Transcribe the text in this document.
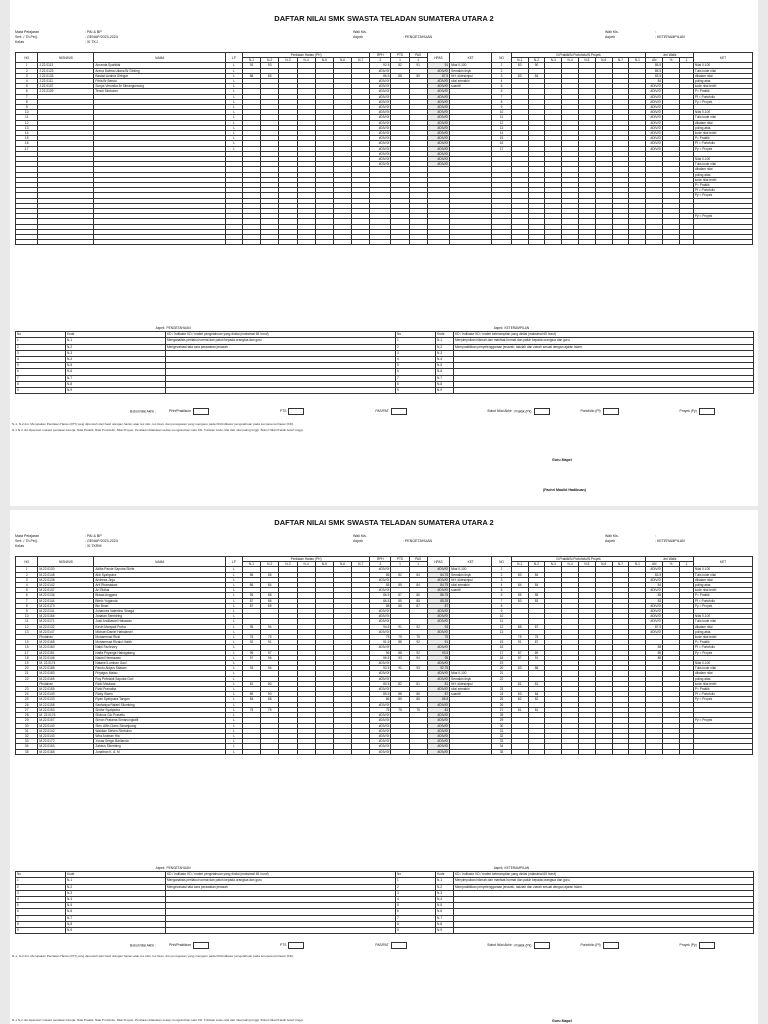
DAFTAR NILAI SMK SWASTA TELADAN SUMATERA UTARA 2
Mata Pelajaran	: PAI & BP
Smt. / Th.Pelj.	: GENAP/2023-2024
Kelas	: XI TKJ
Wali Kls.
Aspek	: PENGETAHUAN
Wali Kls.	:
Aspek	: KETERAMPILAN
NO	NISN/NIS	NAMA	LP	Penilaian Harian (PH)							RPH	PTS	PAS	HPAS	KET	NO	N.Praktik/N.Portofolio/N.Proyek								Jml Walls			KET
				N-1	N-2	N-3	N-4	N-5	N-6	N-7	2	1	1				N-1	N-2	N-3	N-4	N-5	N-6	N-7	N-1	AN	%	1	
1	J.22.0113	Amanda Syahitial	L	92	93						92.5	82	91	91	Nilai 0-100	1	83	90							85.5			Nilai 0-100
2	J.22.0123	Arena Dwima Uliana Br Ginting	L								#DIV/0!			#DIV/0!	Semakin tinyk	2									85.5			Tulis kode nilai
3	J.22.0133	Bastari Azahra Siringar	L	88	85						86.5	88	89	87.5	NH, dideskripsi	3	83	84							83.5			dikalam nilai
4	J.22.0111	Fitria Br Berutu	L								#DIV/0!			#DIV/0!	nilai semakin	4									84			poling atas.
5	J.22.0107	Sonya Veronika Br Simangunsong	L								#DIV/0!			#DIV/0!	suantif	5									#DIV/0!			kode nilai tertiri
6	J.22.0109	Tenoli Simbolon	L								#DIV/0!			#DIV/0!		6									#DIV/0!			P= Praktik
7			L								#DIV/0!			#DIV/0!		7									#DIV/0!			Pf = Portofolio
8			L								#DIV/0!			#DIV/0!		8									#DIV/0!			Py = Proyek
9			L								#DIV/0!			#DIV/0!		9									#DIV/0!			
10			L								#DIV/0!			#DIV/0!		10									#DIV/0!			Nilai 0-100
11			L								#DIV/0!			#DIV/0!		11									#DIV/0!			Tulis kode nilai
12			L								#DIV/0!			#DIV/0!		12									#DIV/0!			dikalam nilai
13			L								#DIV/0!			#DIV/0!		13									#DIV/0!			poling atas.
14			L								#DIV/0!			#DIV/0!		14									#DIV/0!			kode nilai tertiri
15			L								#DIV/0!			#DIV/0!		15									#DIV/0!			P= Praktik
16			L								#DIV/0!			#DIV/0!		16									#DIV/0!			Pf = Portofolio
17			L								#DIV/0!			#DIV/0!		17									#DIV/0!			Py = Proyek
											#DIV/0!			#DIV/0!														
											#DIV/0!			#DIV/0!														Nilai 0-100
											#DIV/0!			#DIV/0!														Tulis kode nilai
																												dikalam nilai
																												poling atas.
																												kode nilai tertiri
																												P= Praktik
																												Pf = Portofolio
																												Py = Proyek

																												Py = Proyek

Aspek		PENGETAHUAN		Aspek		KETERAMPILAN
No	Kode	KD / Indikator KD / materi pengetahuan yang dinilai (maksimal 65 huruf)	No	Kode	KD / Indikator KD / materi keterampilan yang dinilai (maksimal 65 huruf)	
1	N-1	Menganalisis perilaku hormat dan patuh kepada orangtua dan guru	1	N-1	Menyimpulkan hikmah dan manfaat hormat dan patuh kepada orangtua dan guru.	
2	N-2	Mengevaluasi tata cara perawatan jenazah	2	N-2	Mempraktikkan penyelenggaraan jenazah, takziah dan ziarah sesuai dengan ajaran Islam.	
3	N-3		3	N-3		
4	N-4		4	N-4		
5	N-5		5	N-5		
6	N-6		6	N-6		
7	N-7		7	N-7		
8	N-8		8	N-8		
9	N-9		9	N-9		
Bobot Nilai Akhir :	PHrt/Praktikum	PTS	PAS/PAT	Bobot Nilai Akhir : Praktik (Pk)	Portofolio (Pf)	Proyek (Py)
N-1, N-2 dst. Merupakan Penilaian Harian (PH) yang diperoleh dari hasil ulangan harian atau tes tulis, tes lisan, dan penugasan yang mengacu pada KD/indikator pengetahuan pada kompetensi Dasar (KD).
N-1 N-2 dst diperoleh melalui penilaian kinerja. Nilai Praktik, Nilai Portofolio, Nilai Proyek. Penilaian dilakukan setiap mengukurkan satu KD. Tuliskan kode nilai dari nilai paling tinggi. Bobot Nilai Praktik boleh tinggi.
Guru Mapel
(Fachri Maulid Hadibuan)
DAFTAR NILAI SMK SWASTA TELADAN SUMATERA UTARA 2
Mata Pelajaran	: PAI & BP
Smt. / Th.Pelj.	: GENAP/2023-2024
Kelas	: XI TKRM
Wali Kls.
Aspek	: PENGETAHUAN
Wali Kls.	:
Aspek	: KETERAMPILAN
NO	NISN/NIS	NAMA	LP	Penilaian Harian (PH)							RPH	PTS	PAS	HPAS	KET	NO	N.Praktik/N.Portofolio/N.Proyek								Jml Walls			KET
				N-1	N-2	N-3	N-4	N-5	N-6	N-7	2	1	1				N-1	N-2	N-3	N-4	N-5	N-6	N-7	N-1	AN	%	1	
1	M.22.0130	Aditia Pande Saputra Sihite	L								#DIV/0!			#DIV/0!	Nilai 0-100	1									#DIV/0!			Nilai 0-100
2	M.22.0148	Aldi Syahputra	L	86	86						86	82	84	84.75	Semakin tinyk	2	83	84							83.5			Tulis kode nilai
3	M.22.0138	Andreas Jirgo	L								#DIV/0!			#DIV/0!	NH, dideskripsi	3									#DIV/0!			dikalam nilai
4	M.22.0142	Arif Rhamadani	L	86	84						85	85	84	84.75	nilai semakin	4	84	84							84			poling atas.
5	M.22.0137	Ari Ridhai	L								#DIV/0!			#DIV/0!	suantif	5									#DIV/0!			kode nilai tertiri
6	M.22.0136	Bidaal Anggara	L	95	88						86.5	87	86	86.75		6	85	85							85			P= Praktik
7	M.22.0144	Bitelo Yugianda	L	87	86						86.5	85	85	85.25		7	83	83							83			Pf = Portofolio
8	M.22.0173	Bin Bnari	L	87	89						88	85	87	87		8									#DIV/0!			Py = Proyek
9	M.22.0141	Johannes Valentino Sinaga	L								#DIV/0!			#DIV/0!		9									#DIV/0!			
10	M.22.0166	Jonatan Sembiring	L								#DIV/0!			#DIV/0!		10									#DIV/0!			Nilai 0-100
11	M.22.0171	Justi Andikasari Habasian	L								#DIV/0!			#DIV/0!		11									#DIV/0!			Tulis kode nilai
12	M.22.0132	Kevin Manyadi Purba	L	95	94						94.5	91	92	93		12	88	87							87.5			dikalam nilai
13	M.22.0147	Michael Daniel Habalarsel	L								#DIV/0!			#DIV/0!		13									#DIV/0!			poling atas.
	Pindahan	Muhammad Rizki	L	75	75						75	75	75	75			75	75										kode nilai tertiri
13	M.22.0168	Muhammad Rizalul Habib	L	92	91						91.5	88	92	91		15	91	87										P= Praktik
15	M.22.0160	Nabil Fachrizzy	L								#DIV/0!			#DIV/0!		16									85			Pf = Portofolio
17	M.22.0181	Naffa Priyanga Habagatang	L	95	97						96	88	92	93.5		17	87	89							89			Py = Proyek
18	M.22.0146	Naomi Hermawan	L	97	96						96.5	93	94	95		18	87	91							89			
19	M. 22.0174	Natanel Lumban Gaol	L								#DIV/0!			#DIV/0!		19												Nilai 0-100
20	M.22.0186	Pandu Aldyus Sitalam	L	93	94						93.5	91	93	92.75		20	83	88										Tulis kode nilai
21	M.22.0183	Priyagus Malau	L								#DIV/0!			#DIV/0!	Nilai 0-100	21												dikalam nilai
22	M.22.0165	Roy Pebrialdi Saputra Gori	L								#DIV/0!			#DIV/0!	Semakin tinyk	22												poling atas.
	Pindahan	Rizki Maulana	L	81	80						80.5	82	81	81	NH, dideskripsi		81	81										kode nilai tertiri
23	M.22.0155	Rizki Pranatha	L								#DIV/0!			#DIV/0!	nilai semakin	23												P= Praktik
24	M.22.0149	Rizky Siwen	L	89	90						89.5	88	86	87	suantif	24	83	84										Pf = Portofolio
25	M.22.0133	Ryan Syahputra Tangan	L	84	88						86	85	85	85.5		25	82	82										Py = Proyek
26	M.22.0158	Santaniya Rafael Silombing	L								#DIV/0!			#DIV/0!		26												
27	M.22.0153	Sinthe Syahputra	L	75	75						75	75	75	81		27	81	81										
28	M. 22.0176	Silvinus Gio Prasetiu	L								#DIV/0!			#DIV/0!		28												
29	M.22.0157	Simon Pratama Simanungkalit	L								#DIV/0!			#DIV/0!		29												Py = Proyek
30	M.22.0140	Stev. Alfin Ciano Simanjuang	L								#DIV/0!			#DIV/0!		30												
31	M.22.0142	Waldian Steven Simbolon	L								#DIV/0!			#DIV/0!		31												
32	M.22.0143	Wira Ardman Hia	L								#DIV/0!			#DIV/0!		32												
33	M.22.0172	Yonas Sergio Barlianda	L								#DIV/0!			#DIV/0!		33												
34	M.22.0163	Zakeus Silombing	L								#DIV/0!			#DIV/0!		34												
35	M.22.0168	Jonathan K. A. M	L								#DIV/0!			#DIV/0!		35												
Aspek		PENGETAHUAN		Aspek		KETERAMPILAN
No	Kode	KD / Indikator KD / materi pengetahuan yang dinilai (maksimal 65 huruf)	No	Kode	KD / Indikator KD / materi keterampilan yang dinilai (maksimal 65 huruf)	
1	N-1	Menganalisis perilaku hormat dan patuh kepada orangtua dan guru	1	N-1	Menyimpulkan hikmah dan manfaat hormat dan patuh kepada orangtua dan guru.	
2	N-2	Mengevaluasi tata cara perawatan jenazah	2	N-2	Mempraktikkan penyelenggaraan jenazah, takziah dan ziarah sesuai dengan ajaran Islam.	
3	N-3		3	N-3		
4	N-4		4	N-4		
5	N-5		5	N-5		
6	N-6		6	N-6		
7	N-7		7	N-7		
8	N-8		8	N-8		
9	N-9		9	N-9		
Bobot Nilai Akhir :	PHrt/Praktikum	PTS	PAS/PAT	Bobot Nilai Akhir : Praktik (Pk)	Portofolio (Pf)	Proyek (Py)
N-1, N-2 dst. Merupakan Penilaian Harian (PH) yang diperoleh dari hasil ulangan harian atau tes tulis, tes lisan, dan penugasan yang mengacu pada KD/indikator pengetahuan pada kompetensi Dasar (KD).
N-1 N-2 dst diperoleh melalui penilaian kinerja. Nilai Praktik, Nilai Portofolio, Nilai Proyek. Penilaian dilakukan setiap mengukurkan satu KD. Tuliskan kode nilai dari nilai paling tinggi. Bobot Nilai Praktik boleh tinggi.	Guru Mapel
